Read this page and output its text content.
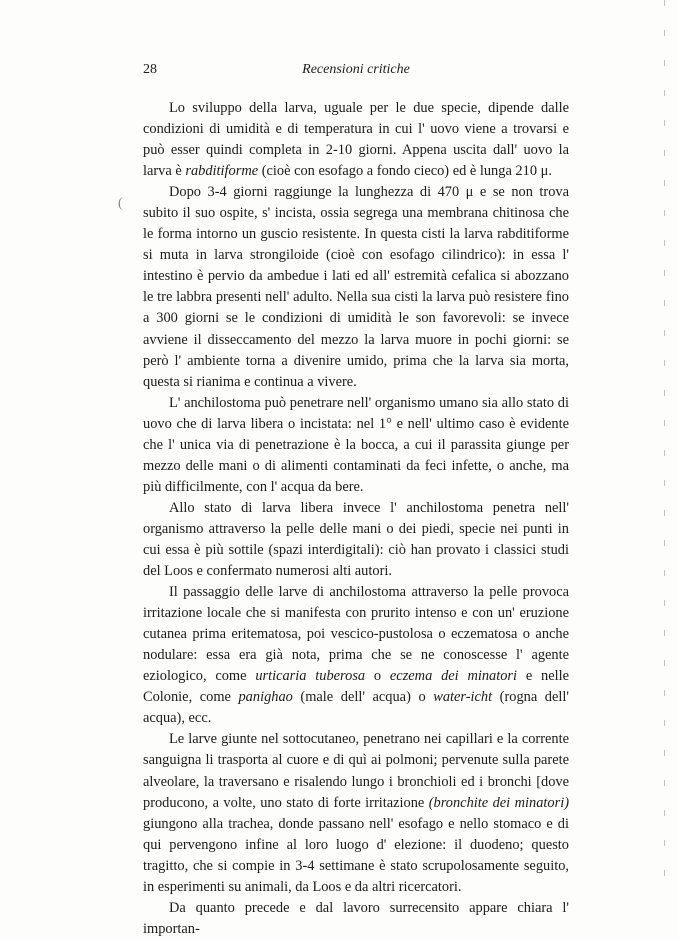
28	Recensioni critiche
(

Lo sviluppo della larva, uguale per le due specie, dipende dalle condizioni di umidità e di temperatura in cui l' uovo viene a trovarsi e può esser quindi completa in 2-10 giorni. Appena uscita dall' uovo la larva è rabditiforme (cioè con esofago a fondo cieco) ed è lunga 210 μ.

Dopo 3-4 giorni raggiunge la lunghezza di 470 μ e se non trova subito il suo ospite, s' incista, ossia segrega una membrana chitinosa che le forma intorno un guscio resistente. In questa cisti la larva rabditiforme si muta in larva strongiloide (cioè con esofago cilindrico): in essa l' intestino è pervio da ambedue i lati ed all' estremità cefalica si abozzano le tre labbra presenti nell' adulto. Nella sua cisti la larva può resistere fino a 300 giorni se le condizioni di umidità le son favorevoli: se invece avviene il disseccamento del mezzo la larva muore in pochi giorni: se però l' ambiente torna a divenire umido, prima che la larva sia morta, questa si rianima e continua a vivere.

L' anchilostoma può penetrare nell' organismo umano sia allo stato di uovo che di larva libera o incistata: nel 1° e nell' ultimo caso è evidente che l' unica via di penetrazione è la bocca, a cui il parassita giunge per mezzo delle mani o di alimenti contaminati da feci infette, o anche, ma più difficilmente, con l' acqua da bere.

Allo stato di larva libera invece l' anchilostoma penetra nell' organismo attraverso la pelle delle mani o dei piedi, specie nei punti in cui essa è più sottile (spazi interdigitali): ciò han provato i classici studi del Loos e confermato numerosi alti autori.

Il passaggio delle larve di anchilostoma attraverso la pelle provoca irritazione locale che si manifesta con prurito intenso e con un' eruzione cutanea prima eritematosa, poi vescico-pustolosa o eczematosa o anche nodulare: essa era già nota, prima che se ne conoscesse l' agente eziologico, come urticaria tuberosa o eczema dei minatori e nelle Colonie, come panighao (male dell' acqua) o water-icht (rogna dell' acqua), ecc.

Le larve giunte nel sottocutaneo, penetrano nei capillari e la corrente sanguigna li trasporta al cuore e di quì ai polmoni; pervenute sulla parete alveolare, la traversano e risalendo lungo i bronchioli ed i bronchi [dove producono, a volte, uno stato di forte irritazione (bronchite dei minatori) giungono alla trachea, donde passano nell' esofago e nello stomaco e di qui pervengono infine al loro luogo d' elezione: il duodeno; questo tragitto, che si compie in 3-4 settimane è stato scrupolosamente seguito, in esperimenti su animali, da Loos e da altri ricercatori.

Da quanto precede e dal lavoro surrecensito appare chiara l' importan-
